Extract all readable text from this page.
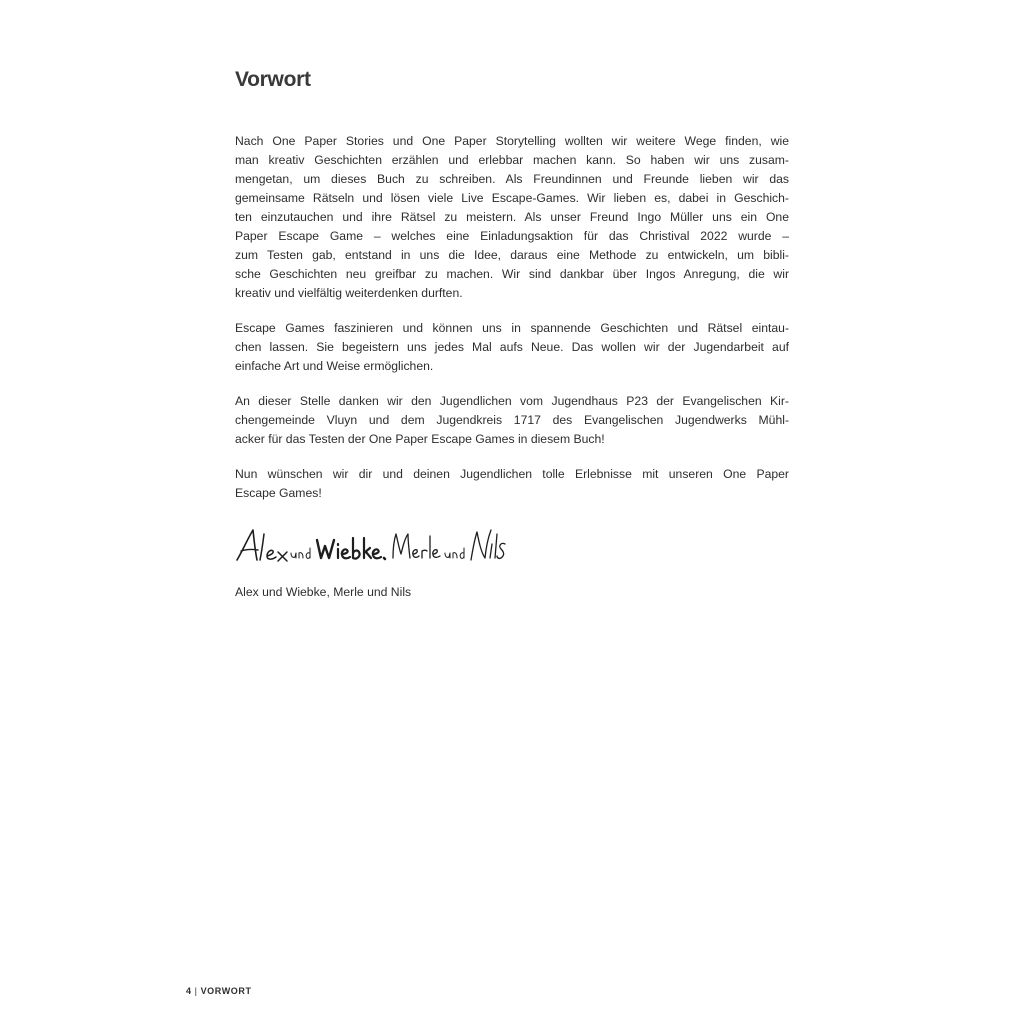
Vorwort

Nach One Paper Stories und One Paper Storytelling wollten wir weitere Wege finden, wie
man kreativ Geschichten erzählen und erlebbar machen kann. So haben wir uns zusam-
mengetan, um dieses Buch zu schreiben. Als Freundinnen und Freunde lieben wir das
gemeinsame Rätseln und lösen viele Live Escape-Games. Wir lieben es, dabei in Geschich-
ten einzutauchen und ihre Rätsel zu meistern. Als unser Freund Ingo Müller uns ein One
Paper Escape Game – welches eine Einladungsaktion für das Christival 2022 wurde –
zum Testen gab, entstand in uns die Idee, daraus eine Methode zu entwickeln, um bibli-
sche Geschichten neu greifbar zu machen. Wir sind dankbar über Ingos Anregung, die wir
kreativ und vielfältig weiterdenken durften.

Escape Games faszinieren und können uns in spannende Geschichten und Rätsel eintau-
chen lassen. Sie begeistern uns jedes Mal aufs Neue. Das wollen wir der Jugendarbeit auf
einfache Art und Weise ermöglichen.

An dieser Stelle danken wir den Jugendlichen vom Jugendhaus P23 der Evangelischen Kir-
chengemeinde Vluyn und dem Jugendkreis 1717 des Evangelischen Jugendwerks Mühl-
acker für das Testen der One Paper Escape Games in diesem Buch!

Nun wünschen wir dir und deinen Jugendlichen tolle Erlebnisse mit unseren One Paper
Escape Games!

Alex und Wiebke, Merle und Nils

4 | VORWORT
